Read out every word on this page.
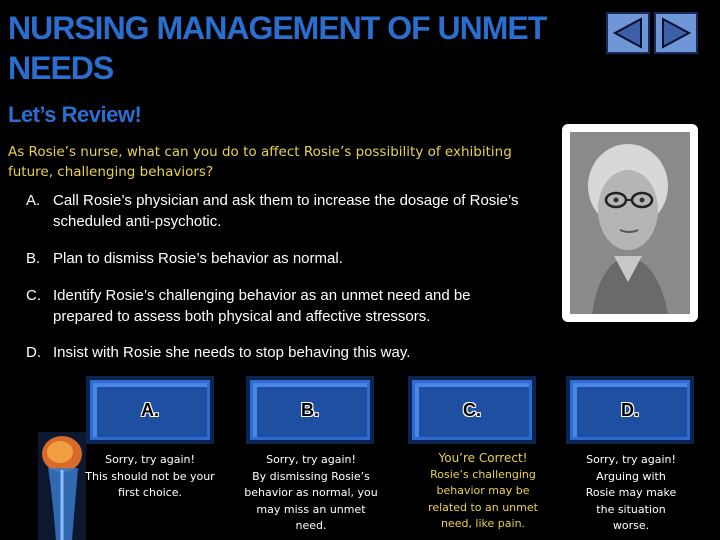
NURSING MANAGEMENT OF UNMET NEEDS
Let’s Review!
As Rosie’s nurse, what can you do to affect Rosie’s possibility of exhibiting future, challenging behaviors?
A. Call Rosie’s physician and ask them to increase the dosage of Rosie’s
scheduled anti-psychotic.
B. Plan to dismiss Rosie’s behavior as normal.
C. Identify Rosie’s challenging behavior as an unmet need and be
prepared to assess both physical and affective stressors.
D. Insist with Rosie she needs to stop behaving this way.
A.	B.	C.	D.
Sorry, try again!
This should not be your
first choice.
Sorry, try again!
By dismissing Rosie’s
behavior as normal, you
may miss an unmet
need.
You’re Correct!
Rosie’s challenging
behavior may be
related to an unmet
need, like pain.
Sorry, try again!
Arguing with
Rosie may make
the situation
worse.
